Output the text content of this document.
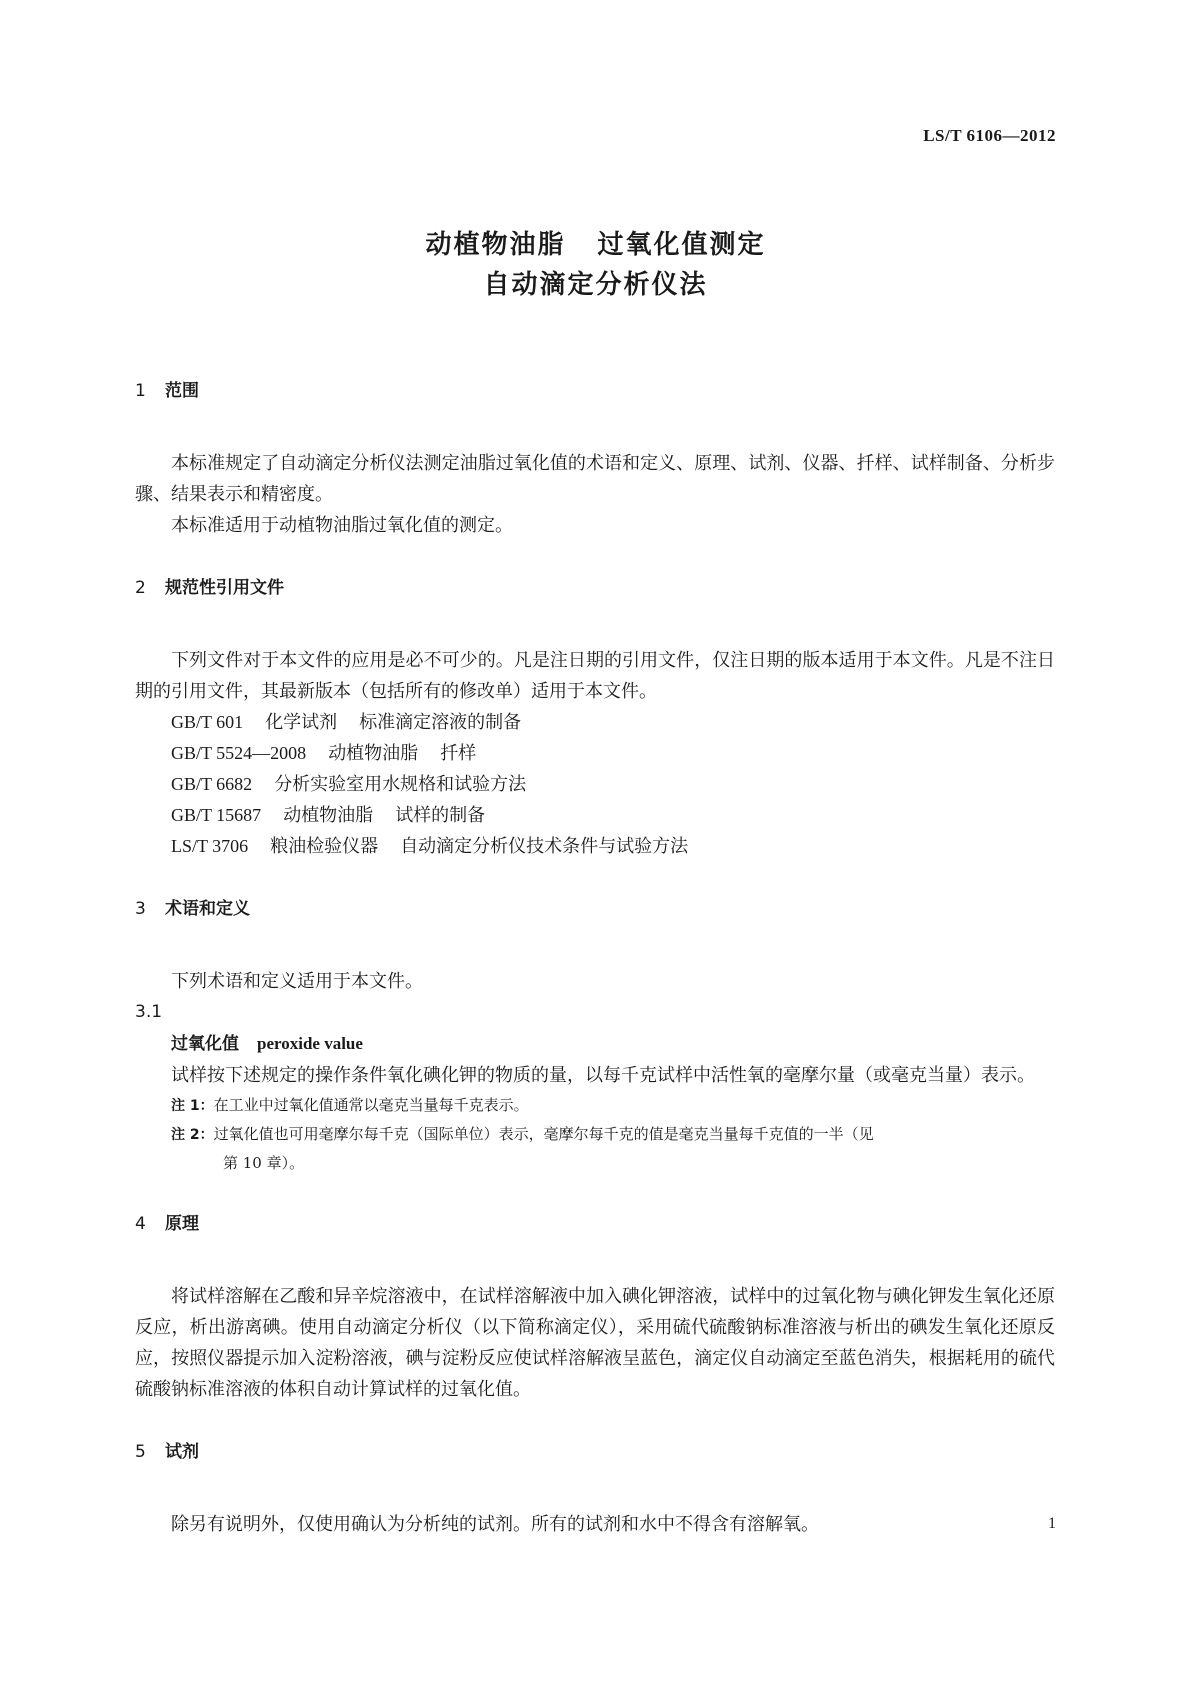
LS/T 6106—2012
动植物油脂 过氧化值测定
自动滴定分析仪法
1 范围
本标准规定了自动滴定分析仪法测定油脂过氧化值的术语和定义、原理、试剂、仪器、扦样、试样制备、分析步骤、结果表示和精密度。
本标准适用于动植物油脂过氧化值的测定。
2 规范性引用文件
下列文件对于本文件的应用是必不可少的。凡是注日期的引用文件，仅注日期的版本适用于本文件。凡是不注日期的引用文件，其最新版本（包括所有的修改单）适用于本文件。
GB/T 601 化学试剂 标准滴定溶液的制备
GB/T 5524—2008 动植物油脂 扦样
GB/T 6682 分析实验室用水规格和试验方法
GB/T 15687 动植物油脂 试样的制备
LS/T 3706 粮油检验仪器 自动滴定分析仪技术条件与试验方法
3 术语和定义
下列术语和定义适用于本文件。
3.1
过氧化值 peroxide value
试样按下述规定的操作条件氧化碘化钾的物质的量，以每千克试样中活性氧的毫摩尔量（或毫克当量）表示。
注 1：在工业中过氧化值通常以毫克当量每千克表示。
注 2：过氧化值也可用毫摩尔每千克（国际单位）表示，毫摩尔每千克的值是毫克当量每千克值的一半（见
第 10 章）。
4 原理
将试样溶解在乙酸和异辛烷溶液中，在试样溶解液中加入碘化钾溶液，试样中的过氧化物与碘化钾发生氧化还原反应，析出游离碘。使用自动滴定分析仪（以下简称滴定仪），采用硫代硫酸钠标准溶液与析出的碘发生氧化还原反应，按照仪器提示加入淀粉溶液，碘与淀粉反应使试样溶解液呈蓝色，滴定仪自动滴定至蓝色消失，根据耗用的硫代硫酸钠标准溶液的体积自动计算试样的过氧化值。
5 试剂
除另有说明外，仅使用确认为分析纯的试剂。所有的试剂和水中不得含有溶解氧。	1
